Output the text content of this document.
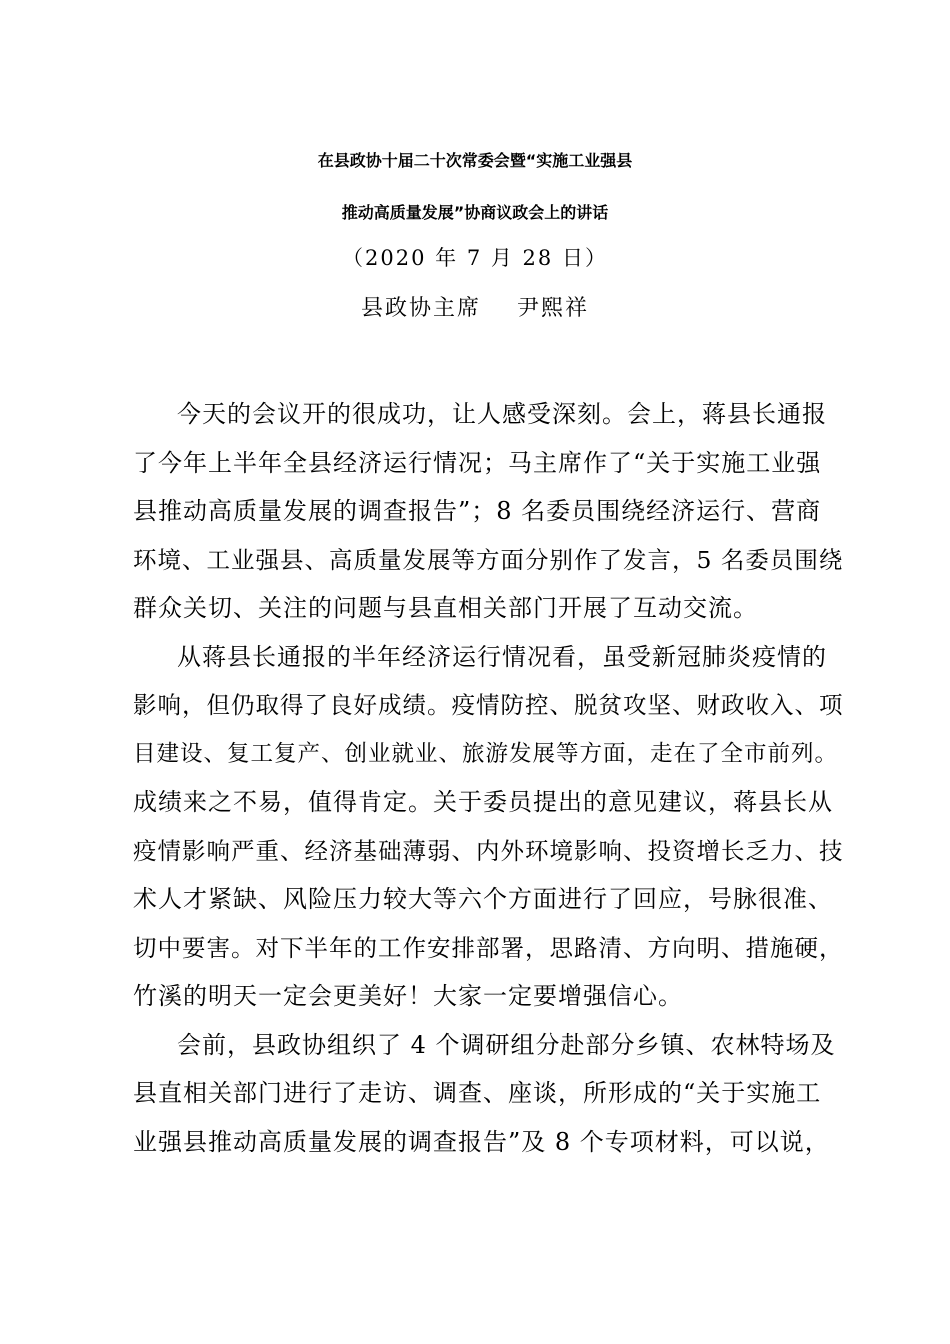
在县政协十届二十次常委会暨“实施工业强县
推动高质量发展”协商议政会上的讲话
（2020 年 7 月 28 日）
县政协主席    尹熙祥
今天的会议开的很成功，让人感受深刻。会上，蒋县长通报
了今年上半年全县经济运行情况；马主席作了“关于实施工业强
县推动高质量发展的调查报告”；8 名委员围绕经济运行、营商
环境、工业强县、高质量发展等方面分别作了发言，5 名委员围绕
群众关切、关注的问题与县直相关部门开展了互动交流。
从蒋县长通报的半年经济运行情况看，虽受新冠肺炎疫情的
影响，但仍取得了良好成绩。疫情防控、脱贫攻坚、财政收入、项
目建设、复工复产、创业就业、旅游发展等方面，走在了全市前列。
成绩来之不易，值得肯定。关于委员提出的意见建议，蒋县长从
疫情影响严重、经济基础薄弱、内外环境影响、投资增长乏力、技
术人才紧缺、风险压力较大等六个方面进行了回应，号脉很准、
切中要害。对下半年的工作安排部署，思路清、方向明、措施硬，
竹溪的明天一定会更美好！大家一定要增强信心。
会前，县政协组织了 4 个调研组分赴部分乡镇、农林特场及
县直相关部门进行了走访、调查、座谈，所形成的“关于实施工
业强县推动高质量发展的调查报告”及 8 个专项材料，可以说，
